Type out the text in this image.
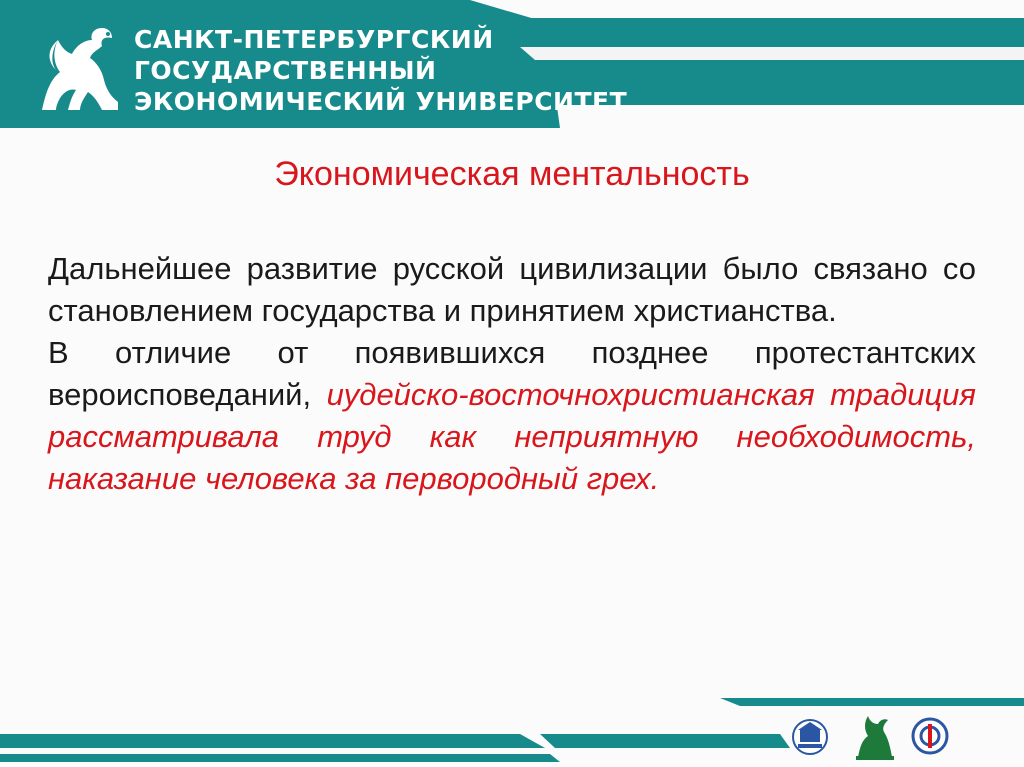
САНКТ-ПЕТЕРБУРГСКИЙ
ГОСУДАРСТВЕННЫЙ
ЭКОНОМИЧЕСКИЙ УНИВЕРСИТЕТ
Экономическая ментальность

Дальнейшее развитие русской цивилизации было связано со становлением государства и принятием христианства.

В отличие от появившихся позднее протестантских вероисповеданий, иудейско-восточнохристианская традиция рассматривала труд как неприятную необходимость, наказание человека за первородный грех.
